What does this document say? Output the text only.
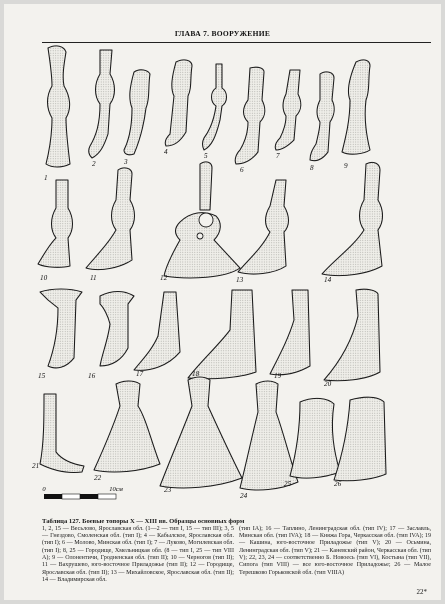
ГЛАВА 7. ВООРУЖЕНИЕ
1
2	3
4	5
6
7
8	9
10	11	12	13	14
15	16	17	18	19
20
21
22
23
24
25	26
0	10см
Таблица 127. Боевые топоры X — XIII вв. Образцы основных форм
1, 2, 15 — Весьлово, Ярославская обл. (1—2 — тип I, 15 — тип III); 3, 5 — Гнездово, Смоленская обл. (тип I); 4 — Кабылское, Ярославская обл. (тип I); 6 — Молово, Минская обл. (тип I); 7 — Луково, Могилевская обл. (тип I); 8, 25 — Городище, Хмельницкая обл. (8 — тип I, 25 — тип VIII А); 9 — Олонентичи, Гродненская обл. (тип II); 10 — Черногов (тип II); 11 — Вахрушево, юго-восточное Приладожье (тип II); 12 — Городище, Ярославская обл. (тип II); 13 — Михайловское, Ярославская обл. (тип II); 14 — Владимирская обл.
(тип IA); 16 — Таплино, Ленинградская обл. (тип IV); 17 — Заславль, Минская обл. (тип IVA); 18 — Княжа Гора, Черкасская обл. (тип IVA); 19 — Кашина, юго-восточное Приладожье (тип V); 20 — Осьмина, Ленинградская обл. (тип V); 21 — Каневский район, Черкасская обл. (тип V); 22, 23, 24 — соответственно Б. Новоесь (тип VI), Костына (тип VII), Сипога (тип VIII) — все юго-восточное Приладожье; 26 — Малое Терешково Горьковской обл. (тип VIIIA)
22*
